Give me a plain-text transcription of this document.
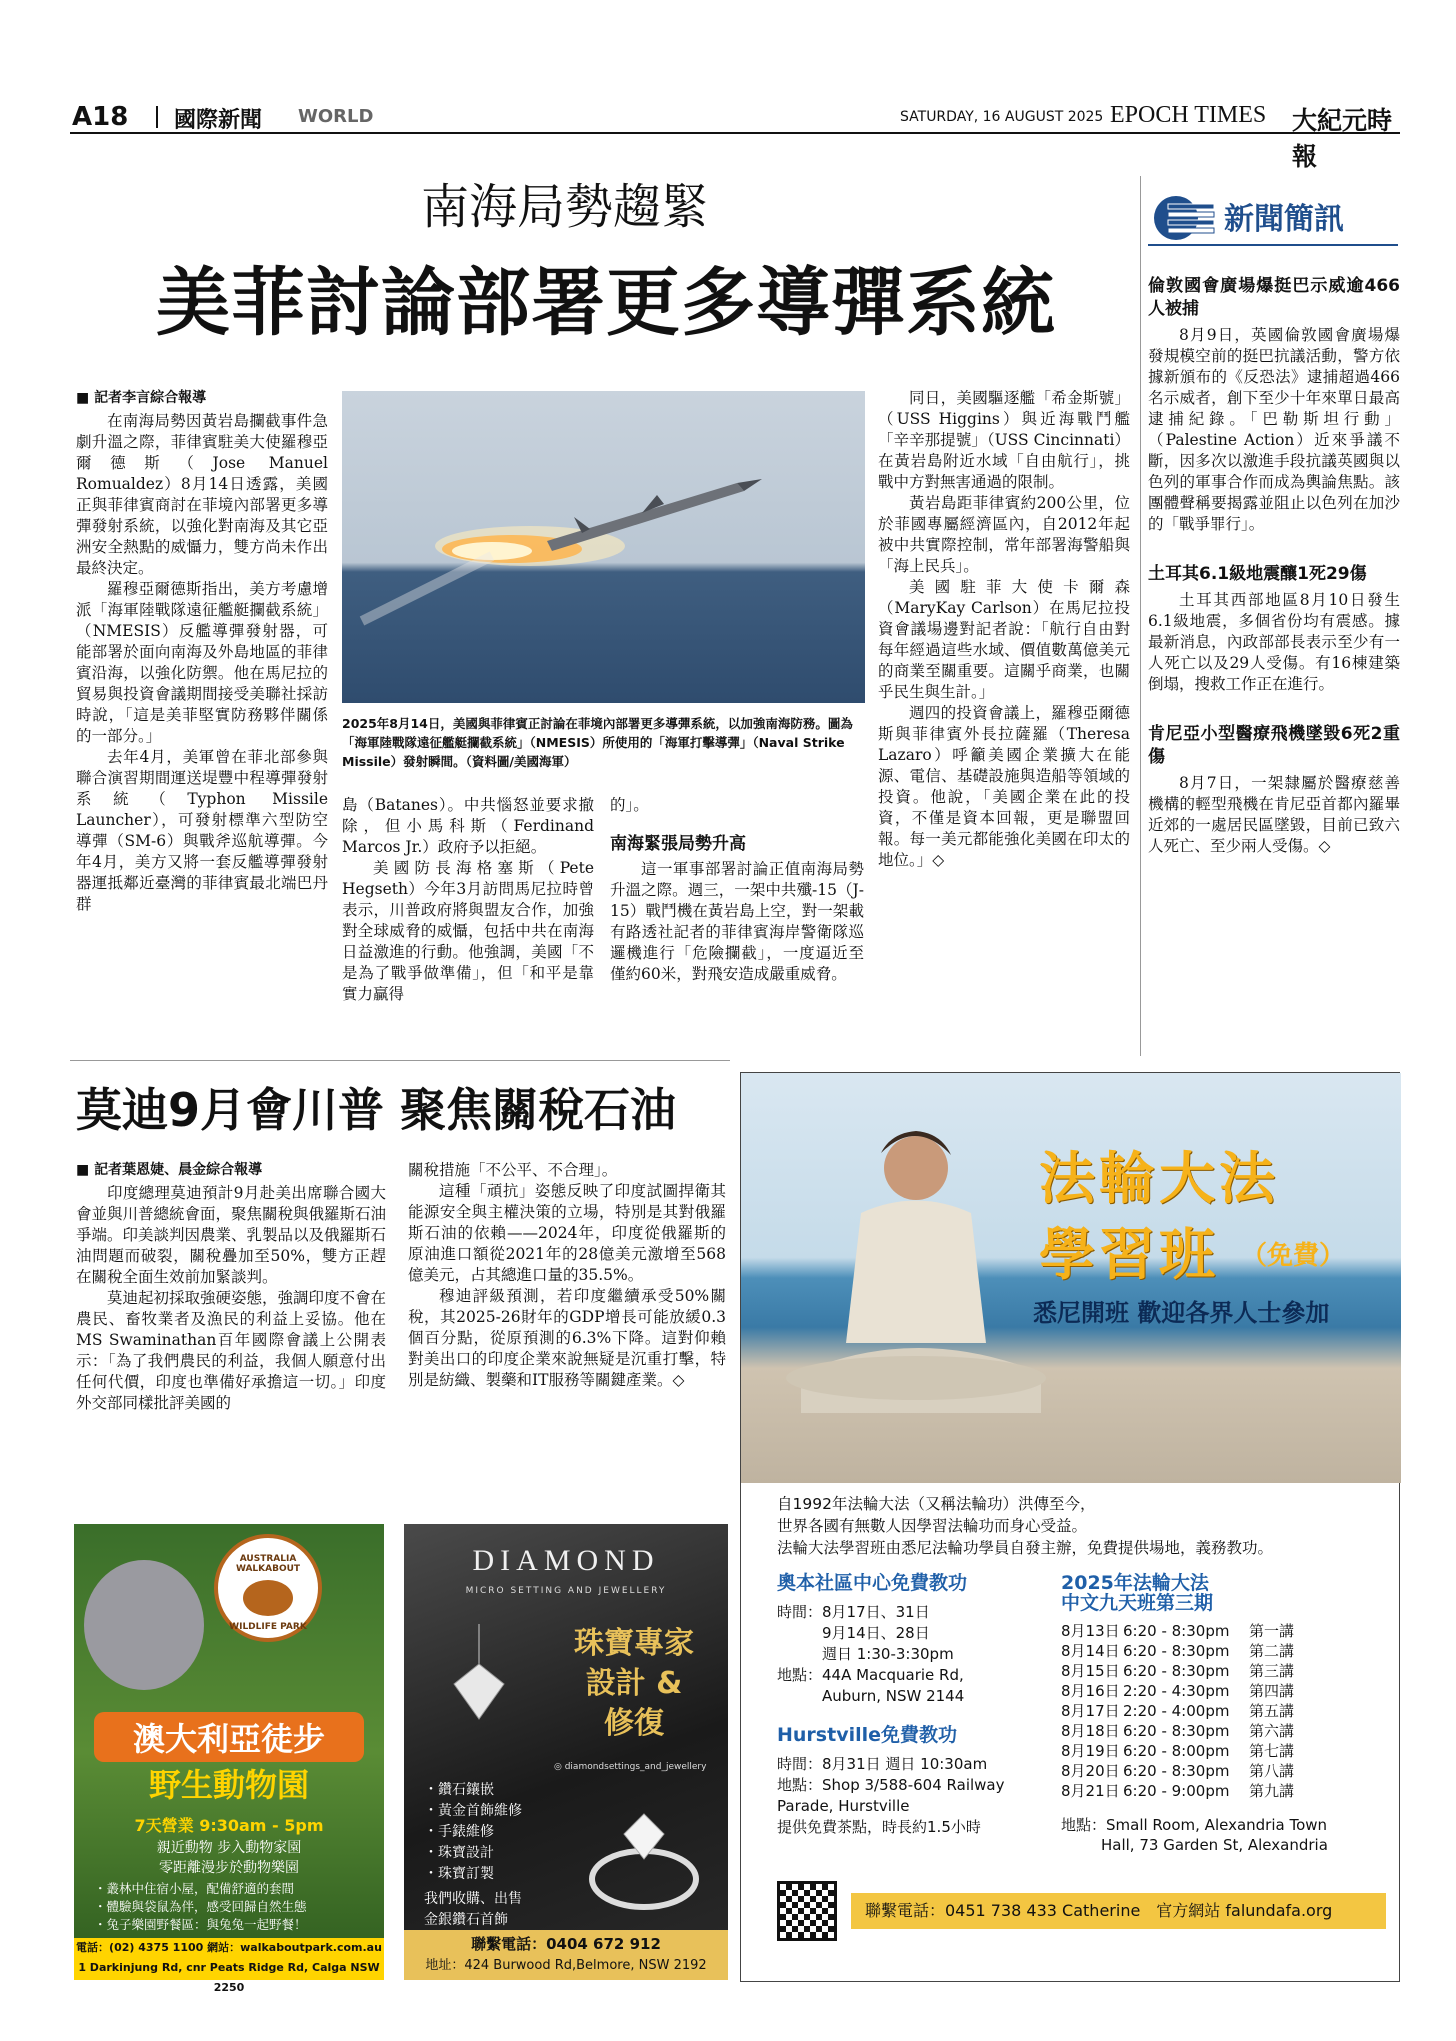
A18 國際新聞 WORLD	SATURDAY, 16 AUGUST 2025 EPOCH TIMES 大紀元時報
南海局勢趨緊
美菲討論部署更多導彈系統
■ 記者李言綜合報導

在南海局勢因黃岩島攔截事件急劇升溫之際，菲律賓駐美大使羅穆亞爾德斯（Jose Manuel Romualdez）8月14日透露，美國正與菲律賓商討在菲境內部署更多導彈發射系統，以強化對南海及其它亞洲安全熱點的威懾力，雙方尚未作出最終決定。

羅穆亞爾德斯指出，美方考慮增派「海軍陸戰隊遠征艦艇攔截系統」（NMESIS）反艦導彈發射器，可能部署於面向南海及外島地區的菲律賓沿海，以強化防禦。他在馬尼拉的貿易與投資會議期間接受美聯社採訪時說，「這是美菲堅實防務夥伴關係的一部分。」

去年4月，美軍曾在菲北部參與聯合演習期間運送堤豐中程導彈發射系統（Typhon Missile Launcher），可發射標準六型防空導彈（SM-6）與戰斧巡航導彈。今年4月，美方又將一套反艦導彈發射器運抵鄰近臺灣的菲律賓最北端巴丹群

2025年8月14日，美國與菲律賓正討論在菲境內部署更多導彈系統，以加強南海防務。圖為「海軍陸戰隊遠征艦艇攔截系統」（NMESIS）所使用的「海軍打擊導彈」（Naval Strike Missile）發射瞬間。（資料圖/美國海軍）

島（Batanes）。中共惱怒並要求撤除，但小馬科斯（Ferdinand Marcos Jr.）政府予以拒絕。

美國防長海格塞斯（Pete Hegseth）今年3月訪問馬尼拉時曾表示，川普政府將與盟友合作，加強對全球威脅的威懾，包括中共在南海日益激進的行動。他強調，美國「不是為了戰爭做準備」，但「和平是靠實力贏得

的」。

南海緊張局勢升高

這一軍事部署討論正值南海局勢升溫之際。週三，一架中共殲-15（J-15）戰鬥機在黃岩島上空，對一架載有路透社記者的菲律賓海岸警衛隊巡邏機進行「危險攔截」，一度逼近至僅約60米，對飛安造成嚴重威脅。

同日，美國驅逐艦「希金斯號」（USS Higgins）與近海戰鬥艦「辛辛那提號」（USS Cincinnati）在黃岩島附近水域「自由航行」，挑戰中方對無害通過的限制。

黃岩島距菲律賓約200公里，位於菲國專屬經濟區內，自2012年起被中共實際控制，常年部署海警船與「海上民兵」。

美國駐菲大使卡爾森（MaryKay Carlson）在馬尼拉投資會議場邊對記者說：「航行自由對每年經過這些水域、價值數萬億美元的商業至關重要。這關乎商業，也關乎民生與生計。」

週四的投資會議上，羅穆亞爾德斯與菲律賓外長拉薩羅（Theresa Lazaro）呼籲美國企業擴大在能源、電信、基礎設施與造船等領域的投資。他說，「美國企業在此的投資，不僅是資本回報，更是聯盟回報。每一美元都能強化美國在印太的地位。」◇

新聞簡訊
倫敦國會廣場爆挺巴示威逾466人被捕

8月9日，英國倫敦國會廣場爆發規模空前的挺巴抗議活動，警方依據新頒布的《反恐法》逮捕超過466名示威者，創下至少十年來單日最高逮捕紀錄。「巴勒斯坦行動」（Palestine Action）近來爭議不斷，因多次以激進手段抗議英國與以色列的軍事合作而成為輿論焦點。該團體聲稱要揭露並阻止以色列在加沙的「戰爭罪行」。

土耳其6.1級地震釀1死29傷

土耳其西部地區8月10日發生6.1級地震，多個省份均有震感。據最新消息，內政部部長表示至少有一人死亡以及29人受傷。有16棟建築倒塌，搜救工作正在進行。

肯尼亞小型醫療飛機墜毀6死2重傷

8月7日，一架隸屬於醫療慈善機構的輕型飛機在肯尼亞首都內羅畢近郊的一處居民區墜毀，目前已致六人死亡、至少兩人受傷。◇

莫迪9月會川普 聚焦關稅石油
■ 記者葉恩婕、晨金綜合報導

印度總理莫迪預計9月赴美出席聯合國大會並與川普總統會面，聚焦關稅與俄羅斯石油爭端。印美談判因農業、乳製品以及俄羅斯石油問題而破裂，關稅疊加至50%，雙方正趕在關稅全面生效前加緊談判。

莫迪起初採取強硬姿態，強調印度不會在農民、畜牧業者及漁民的利益上妥協。他在MS Swaminathan百年國際會議上公開表示：「為了我們農民的利益，我個人願意付出任何代價，印度也準備好承擔這一切。」印度外交部同樣批評美國的

關稅措施「不公平、不合理」。

這種「頑抗」姿態反映了印度試圖捍衛其能源安全與主權決策的立場，特別是其對俄羅斯石油的依賴——2024年，印度從俄羅斯的原油進口額從2021年的28億美元激增至568億美元，占其總進口量的35.5%。

穆迪評級預測，若印度繼續承受50%關稅，其2025-26財年的GDP增長可能放緩0.3個百分點，從原預測的6.3%下降。這對仰賴對美出口的印度企業來說無疑是沉重打擊，特別是紡織、製藥和IT服務等關鍵產業。◇

法輪大法
學習班 （免費）
悉尼開班 歡迎各界人士參加
自1992年法輪大法（又稱法輪功）洪傳至今，
世界各國有無數人因學習法輪功而身心受益。
法輪大法學習班由悉尼法輪功學員自發主辦，免費提供場地，義務教功。
奧本社區中心免費教功
時間：8月17日、31日
　　　9月14日、28日
　　　週日 1:30-3:30pm
地點：44A Macquarie Rd,
　　　Auburn, NSW 2144
Hurstville免費教功
時間：8月31日 週日 10:30am
地點：Shop 3/588-604 Railway
Parade, Hurstville
提供免費茶點，時長約1.5小時
2025年法輪大法
中文九天班第三期
8月13日 6:20 - 8:30pm	第一講
8月14日 6:20 - 8:30pm	第二講
8月15日 6:20 - 8:30pm	第三講
8月16日 2:20 - 4:30pm	第四講
8月17日 2:20 - 4:00pm	第五講
8月18日 6:20 - 8:30pm	第六講
8月19日 6:20 - 8:00pm	第七講
8月20日 6:20 - 8:30pm	第八講
8月21日 6:20 - 9:00pm	第九講
地點：Small Room, Alexandria Town
Hall, 73 Garden St, Alexandria
聯繫電話：0451 738 433 Catherine　官方網站 falundafa.org
AUSTRALIA WALKABOUT
WILDLIFE PARK
澳大利亞徒步
野生動物園
7天營業 9:30am - 5pm
親近動物 步入動物家園
零距離漫步於動物樂園
・叢林中住宿小屋，配備舒適的套間
・體驗與袋鼠為伴，感受回歸自然生態
・兔子樂園野餐區：與兔兔一起野餐！
電話：(02) 4375 1100 網站：walkaboutpark.com.au
1 Darkinjung Rd, cnr Peats Ridge Rd, Calga NSW 2250
DIAMOND
MICRO SETTING AND JEWELLERY
珠寶專家
設計 &
修復
◎ diamondsettings_and_jewellery
・鑽石鑲嵌
・黃金首飾維修
・手錶維修
・珠寶設計
・珠寶訂製
我們收購、出售
金銀鑽石首飾
聯繫電話：0404 672 912
地址：424 Burwood Rd,Belmore, NSW 2192
